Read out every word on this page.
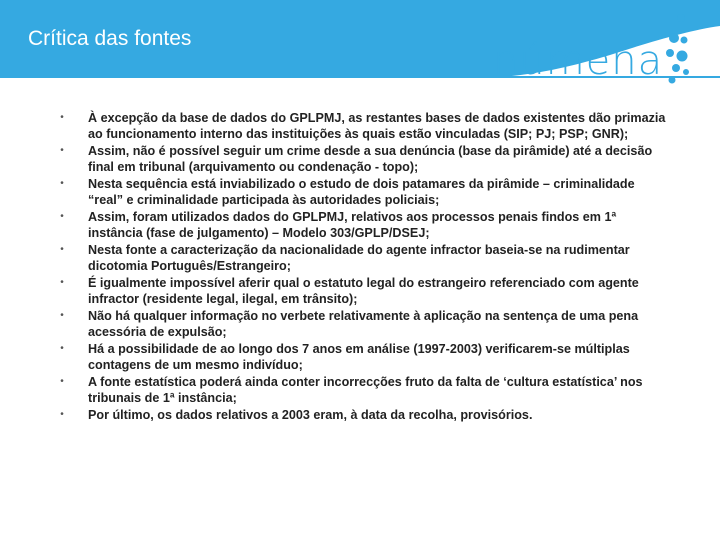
Crítica das fontes	númena
•	À excepção da base de dados do GPLPMJ, as restantes bases de dados existentes dão primazia ao funcionamento interno das instituições às quais estão vinculadas (SIP; PJ; PSP; GNR);
•	Assim, não é possível seguir um crime desde a sua denúncia (base da pirâmide) até a decisão final em tribunal (arquivamento ou condenação - topo);
•	Nesta sequência está inviabilizado o estudo de dois patamares da pirâmide – criminalidade “real” e criminalidade participada às autoridades policiais;
•	Assim, foram utilizados dados do GPLPMJ, relativos aos processos penais findos em 1ª instância (fase de julgamento) – Modelo 303/GPLP/DSEJ;
•	Nesta fonte a caracterização da nacionalidade do agente infractor baseia-se na rudimentar dicotomia Português/Estrangeiro;
•	É igualmente impossível aferir qual o estatuto legal do estrangeiro referenciado com agente infractor (residente legal, ilegal, em trânsito);
•	Não há qualquer informação no verbete relativamente à aplicação na sentença de uma pena acessória de expulsão;
•	Há a possibilidade de ao longo dos 7 anos em análise (1997-2003) verificarem-se múltiplas contagens de um mesmo indivíduo;
•	A fonte estatística poderá ainda conter incorrecções fruto da falta de ‘cultura estatística’ nos tribunais de 1ª instância;
•	Por último, os dados relativos a 2003 eram, à data da recolha, provisórios.
